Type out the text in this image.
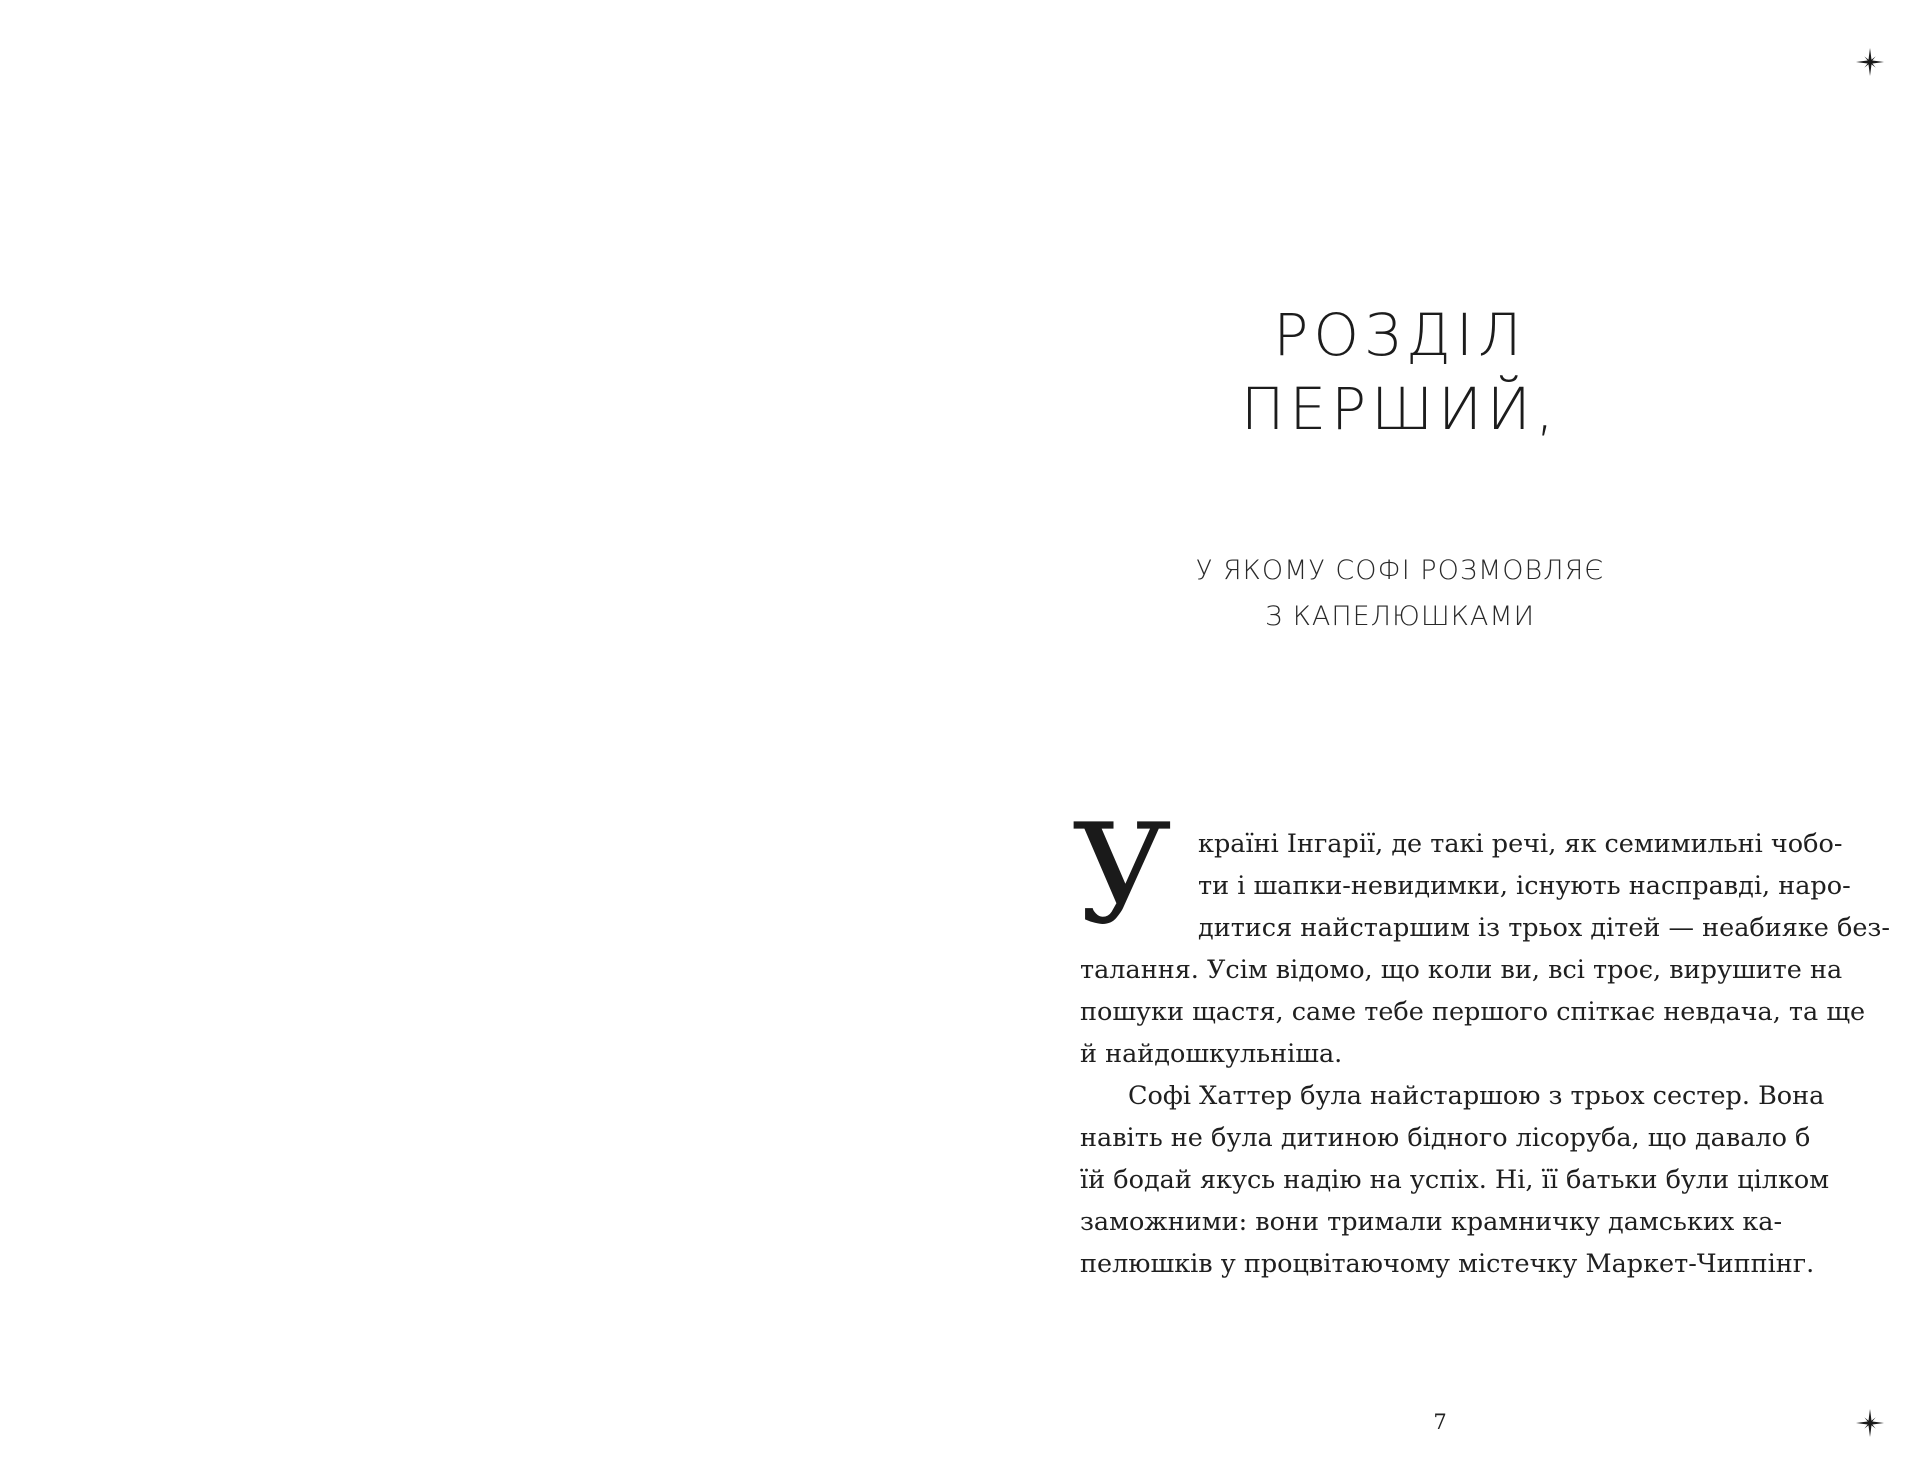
РОЗДІЛ
ПЕРШИЙ,
У ЯКОМУ СОФІ РОЗМОВЛЯЄ
З КАПЕЛЮШКАМИ
У	країні Інгарії, де такі речі, як семимильні чобо-
ти і шапки-невидимки, існують насправді, наро-
дитися найстаршим із трьох дітей — неабияке без-
талання. Усім відомо, що коли ви, всі троє, вирушите на
пошуки щастя, саме тебе першого спіткає невдача, та ще
й найдошкульніша.
Софі Хаттер була найстаршою з трьох сестер. Вона
навіть не була дитиною бідного лісоруба, що давало б
їй бодай якусь надію на успіх. Ні, її батьки були цілком
заможними: вони тримали крамничку дамських ка-
пелюшків у процвітаючому містечку Маркет-Чиппінг.
7
